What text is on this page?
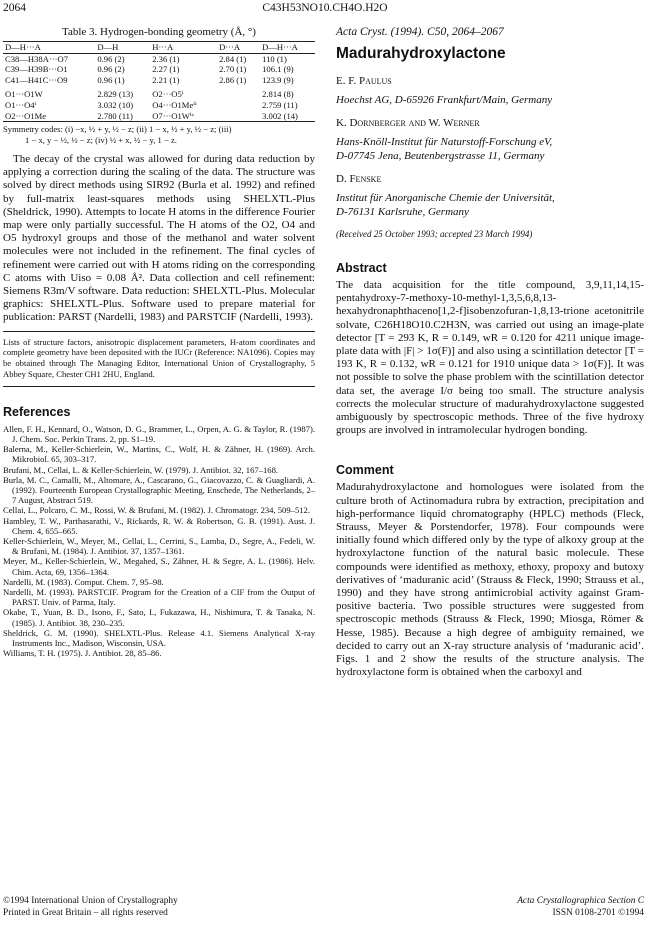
2064	C43H53NO10.CH4O.H2O
Table 3. Hydrogen-bonding geometry (Å, °)
D—H···A	D—H	H···A	D···A	D—H···A
C38—H38A···O7	0.96 (2)	2.36 (1)	2.84 (1)	110 (1)
C39—H39B···O1	0.96 (2)	2.27 (1)	2.70 (1)	106.1 (9)
C41—H41C···O9	0.96 (1)	2.21 (1)	2.86 (1)	123.9 (9)

O1···O1W	2.829 (13)	O2···O5ⁱ		2.814 (8)
O1···O4ⁱ	3.032 (10)	O4···O1Meⁱⁱ		2.759 (11)
O2···O1Me	2.780 (11)	O7···O1Wⁱᵛ		3.002 (14)
Symmetry codes: (i) −x, ½ + y, ½ − z; (ii) 1 − x, ½ + y, ½ − z; (iii)
1 − x, y − ½, ½ − z; (iv) ½ + x, ½ − y, 1 − z.

The decay of the crystal was allowed for during data reduction by applying a correction during the scaling of the data. The structure was solved by direct methods using SIR92 (Burla et al. 1992) and refined by full-matrix least-squares methods using SHELXTL-Plus (Sheldrick, 1990). Attempts to locate H atoms in the difference Fourier map were only partially successful. The H atoms of the O2, O4 and O5 hydroxyl groups and those of the methanol and water solvent molecules were not included in the refinement. The final cycles of refinement were carried out with H atoms riding on the corresponding C atoms with Uiso = 0.08 Å². Data collection and cell refinement: Siemens R3m/V software. Data reduction: SHELXTL-Plus. Molecular graphics: SHELXTL-Plus. Software used to prepare material for publication: PARST (Nardelli, 1983) and PARSTCIF (Nardelli, 1993).

Lists of structure factors, anisotropic displacement parameters, H-atom coordinates and complete geometry have been deposited with the IUCr (Reference: NA1096). Copies may be obtained through The Managing Editor, International Union of Crystallography, 5 Abbey Square, Chester CH1 2HU, England.

References

Allen, F. H., Kennard, O., Watson, D. G., Brammer, L., Orpen, A. G. & Taylor, R. (1987). J. Chem. Soc. Perkin Trans. 2, pp. S1–19.

Balerna, M., Keller-Schierlein, W., Martins, C., Wolf, H. & Zähner, H. (1969). Arch. Mikrobiol. 65, 303–317.

Brufani, M., Cellai, L. & Keller-Schierlein, W. (1979). J. Antibiot. 32, 167–168.

Burla, M. C., Camalli, M., Altomare, A., Cascarano, G., Giacovazzo, C. & Guagliardi, A. (1992). Fourteenth European Crystallographic Meeting, Enschede, The Netherlands, 2–7 August, Abstract 519.

Cellai, L., Polcaro, C. M., Rossi, W. & Brufani, M. (1982). J. Chromatogr. 234, 509–512.

Hambley, T. W., Parthasarathi, V., Rickards, R. W. & Robertson, G. B. (1991). Aust. J. Chem. 4, 655–665.

Keller-Schierlein, W., Meyer, M., Cellai, L., Cerrini, S., Lamba, D., Segre, A., Fedeli, W. & Brufani, M. (1984). J. Antibiot. 37, 1357–1361.

Meyer, M., Keller-Schierlein, W., Megahed, S., Zähner, H. & Segre, A. L. (1986). Helv. Chim. Acta, 69, 1356–1364.

Nardelli, M. (1983). Comput. Chem. 7, 95–98.

Nardelli, M. (1993). PARSTCIF. Program for the Creation of a CIF from the Output of PARST. Univ. of Parma, Italy.

Okabe, T., Yuan, B. D., Isono, F., Sato, I., Fukazawa, H., Nishimura, T. & Tanaka, N. (1985). J. Antibiot. 38, 230–235.

Sheldrick, G. M. (1990). SHELXTL-Plus. Release 4.1. Siemens Analytical X-ray Instruments Inc., Madison, Wisconsin, USA.

Williams, T. H. (1975). J. Antibiot. 28, 85–86.

Acta Cryst. (1994). C50, 2064–2067
Madurahydroxylactone
E. F. Paulus
Hoechst AG, D-65926 Frankfurt/Main, Germany
K. Dornberger and W. Werner
Hans-Knöll-Institut für Naturstoff-Forschung eV,
D-07745 Jena, Beutenbergstrasse 11, Germany
D. Fenske
Institut für Anorganische Chemie der Universität,
D-76131 Karlsruhe, Germany
(Received 25 October 1993; accepted 23 March 1994)
Abstract

The data acquisition for the title compound, 3,9,11,14,15-pentahydroxy-7-methoxy-10-methyl-1,3,5,6,8,13-hexahydronaphthaceno[1,2-f]isobenzofuran-1,8,13-trione acetonitrile solvate, C26H18O10.C2H3N, was carried out using an image-plate detector [T = 293 K, R = 0.149, wR = 0.120 for 4211 unique image-plate data with |F| > 1σ(F)] and also using a scintillation detector [T = 193 K, R = 0.132, wR = 0.121 for 1910 unique data > 1σ(F)]. It was not possible to solve the phase problem with the scintillation detector data set, the average I/σ being too small. The structure analysis corrects the molecular structure of madurahydroxylactone suggested ambiguously by spectroscopic methods. Three of the five hydroxy groups are involved in intramolecular hydrogen bonding.

Comment

Madurahydroxylactone and homologues were isolated from the culture broth of Actinomadura rubra by extraction, precipitation and high-performance liquid chromatography (HPLC) methods (Fleck, Strauss, Meyer & Porstendorfer, 1978). Four compounds were initially found which differed only by the type of alkoxy group at the hydroxylactone function of the natural basic molecule. These compounds were identified as methoxy, ethoxy, propoxy and butoxy derivatives of ‘maduranic acid’ (Strauss & Fleck, 1990; Strauss et al., 1990) and they have strong antimicrobial activity against Gram-positive bacteria. Two possible structures were suggested from spectroscopic methods (Strauss & Fleck, 1990; Miosga, Römer & Hesse, 1985). Because a high degree of ambiguity remained, we decided to carry out an X-ray structure analysis of ‘maduranic acid’. Figs. 1 and 2 show the results of the structure analysis. The hydroxylactone form is obtained when the carboxyl and

©1994 International Union of Crystallography
Printed in Great Britain – all rights reserved
Acta Crystallographica Section C
ISSN 0108-2701 ©1994
